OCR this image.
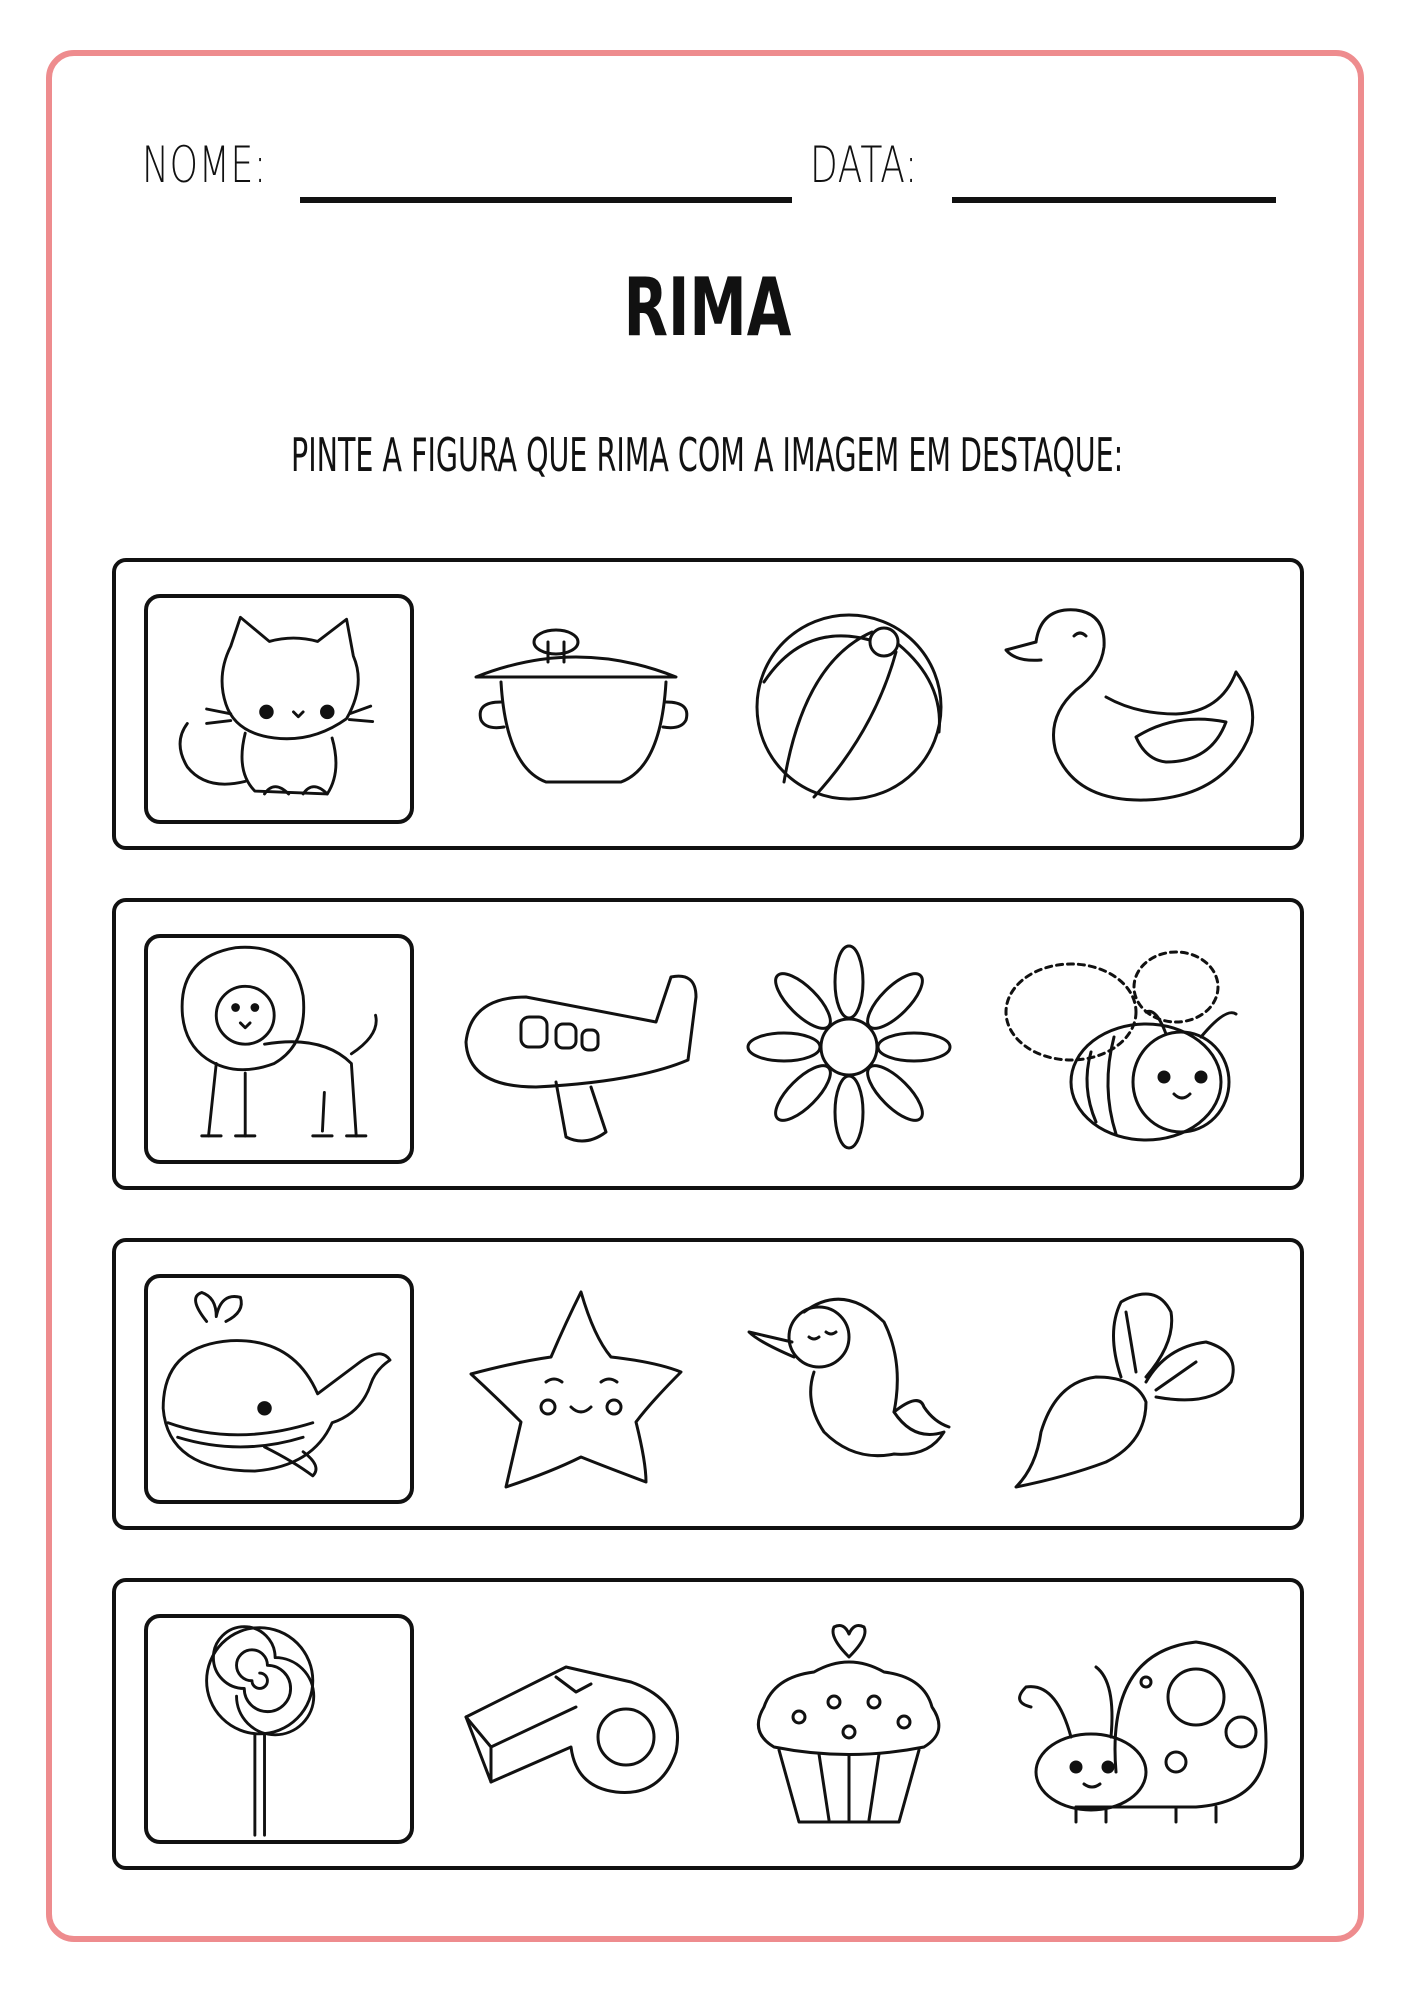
NOME:	DATA:
RIMA
PINTE A FIGURA QUE RIMA COM A IMAGEM EM DESTAQUE:
